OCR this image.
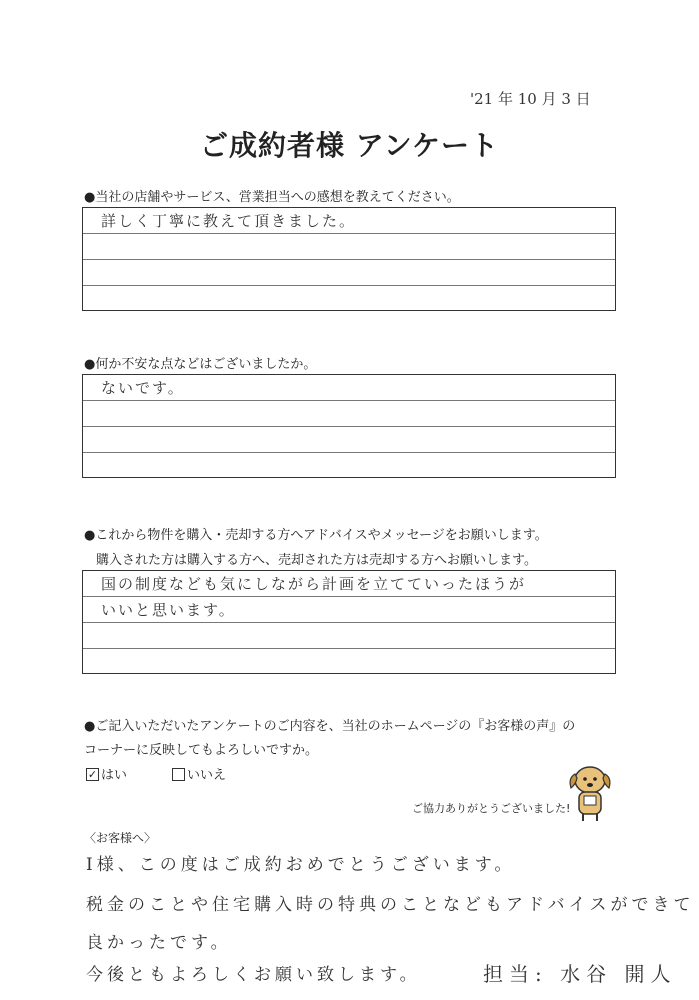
'21 年 10 月 3 日
ご成約者様 アンケート
●当社の店舗やサービス、営業担当への感想を教えてください。
詳しく丁寧に教えて頂きました。
●何か不安な点などはございましたか。
ないです。
●これから物件を購入・売却する方へアドバイスやメッセージをお願いします。
購入された方は購入する方へ、売却された方は売却する方へお願いします。
国の制度なども気にしながら計画を立てていったほうが
いいと思います。
●ご記入いただいたアンケートのご内容を、当社のホームページの『お客様の声』の
コーナーに反映してもよろしいですか。
✓ はい	いいえ
ご協力ありがとうございました!
〈お客様へ〉
I様、この度はご成約おめでとうございます。
税金のことや住宅購入時の特典のことなどもアドバイスができて
良かったです。
今後ともよろしくお願い致します。	担当: 水谷 開人
